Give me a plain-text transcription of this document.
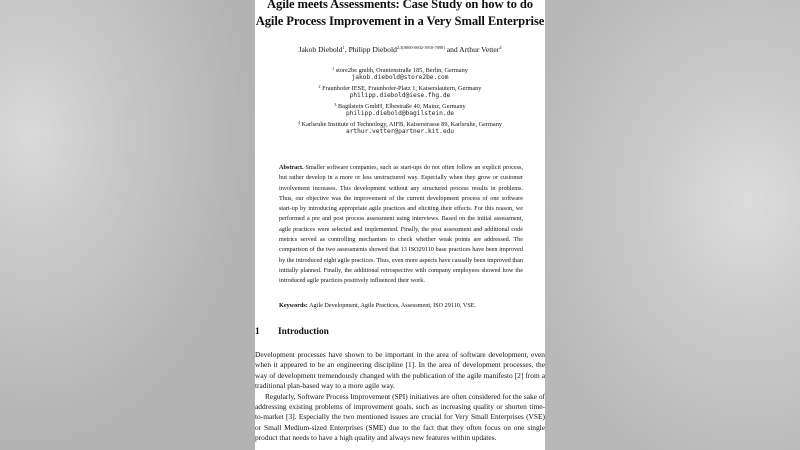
Agile meets Assessments: Case Study on how to do
Agile Process Improvement in a Very Small Enterprise
Jakob Diebold$^1$, Philipp Diebold$^{2,3[0000-0002-3910-7898]}$ and Arthur Vetter$^4$
$^1$ store2be gmbh, Oranienstraße 185, Berlin, Germany
jakob.diebold@store2be.com
$^2$ Fraunhofer IESE, Fraunhofer-Platz 1, Kaiserslautern, Germany
philipp.diebold@iese.fhg.de
$^3$ Bagilstein GmbH, Elbestraße 40, Mainz, Germany
philipp.diebold@bagilstein.de
$^4$ Karlsruhe Institute of Technology, AIFB, Kaiserstrasse 89, Karlsruhe, Germany
arthur.vetter@partner.kit.edu

Abstract. Smaller software companies, such as start-ups do not often follow an explicit process, but rather develop in a more or less unstructured way. Especially when they grow or customer involvement increases. This development without any structured process results in problems. Thus, our objective was the improvement of the current development process of one software start-up by introducing appropriate agile practices and eliciting their effects. For this reason, we performed a pre and post process assessment using interviews. Based on the initial assessment, agile practices were selected and implemented. Finally, the post assessment and additional code metrics served as controlling mechanism to check whether weak points are addressed. The comparison of the two assessments showed that 13 ISO29110 base practices have been improved by the introduced eight agile practices. Thus, even more aspects have casually been improved than initially planned. Finally, the additional retrospective with company employees showed how the introduced agile practices positively influenced their work.

Keywords: Agile Development, Agile Practices, Assessment, ISO 29110, VSE.

1 Introduction

Development processes have shown to be important in the area of software development, even when it appeared to be an engineering discipline [1]. In the area of development processes, the way of development tremendously changed with the publication of the agile manifesto [2] from a traditional plan-based way to a more agile way.

Regularly, Software Process Improvement (SPI) initiatives are often considered for the sake of addressing existing problems of improvement goals, such as increasing quality or shorten time-to-market [3]. Especially the two mentioned issues are crucial for Very Small Enterprises (VSE) or Small Medium-sized Enterprises (SME) due to the fact that they often focus on one single product that needs to have a high quality and always new features within updates.
